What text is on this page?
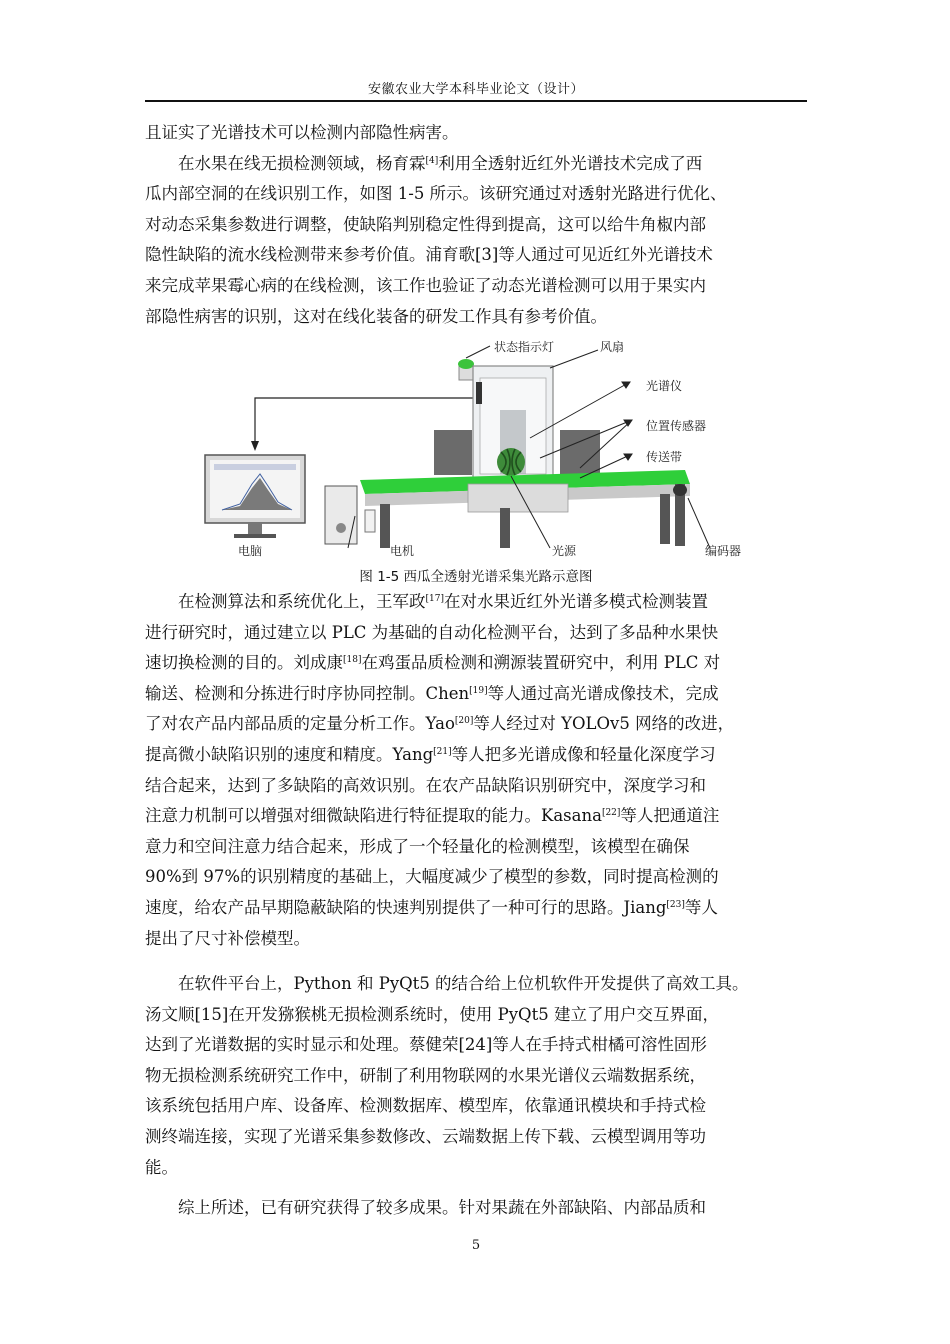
安徽农业大学本科毕业论文（设计）

且证实了光谱技术可以检测内部隐性病害。

在水果在线无损检测领域，杨育霖[4]利用全透射近红外光谱技术完成了西

瓜内部空洞的在线识别工作，如图 1-5 所示。该研究通过对透射光路进行优化、

对动态采集参数进行调整，使缺陷判别稳定性得到提高，这可以给牛角椒内部

隐性缺陷的流水线检测带来参考价值。浦育歌[3]等人通过可见近红外光谱技术

来完成苹果霉心病的在线检测，该工作也验证了动态光谱检测可以用于果实内

部隐性病害的识别，这对在线化装备的研发工作具有参考价值。

状态指示灯	风扇
光谱仪
位置传感器
传送带
电脑	电机	光源	编码器
图 1-5 西瓜全透射光谱采集光路示意图

在检测算法和系统优化上，王军政[17]在对水果近红外光谱多模式检测装置

进行研究时，通过建立以 PLC 为基础的自动化检测平台，达到了多品种水果快

速切换检测的目的。刘成康[18]在鸡蛋品质检测和溯源装置研究中，利用 PLC 对

输送、检测和分拣进行时序协同控制。Chen[19]等人通过高光谱成像技术，完成

了对农产品内部品质的定量分析工作。Yao[20]等人经过对 YOLOv5 网络的改进，

提高微小缺陷识别的速度和精度。Yang[21]等人把多光谱成像和轻量化深度学习

结合起来，达到了多缺陷的高效识别。在农产品缺陷识别研究中，深度学习和

注意力机制可以增强对细微缺陷进行特征提取的能力。Kasana[22]等人把通道注

意力和空间注意力结合起来，形成了一个轻量化的检测模型，该模型在确保

90%到 97%的识别精度的基础上，大幅度减少了模型的参数，同时提高检测的

速度，给农产品早期隐蔽缺陷的快速判别提供了一种可行的思路。Jiang[23]等人

提出了尺寸补偿模型。

在软件平台上，Python 和 PyQt5 的结合给上位机软件开发提供了高效工具。

汤文顺[15]在开发猕猴桃无损检测系统时，使用 PyQt5 建立了用户交互界面，

达到了光谱数据的实时显示和处理。蔡健荣[24]等人在手持式柑橘可溶性固形

物无损检测系统研究工作中，研制了利用物联网的水果光谱仪云端数据系统，

该系统包括用户库、设备库、检测数据库、模型库，依靠通讯模块和手持式检

测终端连接，实现了光谱采集参数修改、云端数据上传下载、云模型调用等功

能。

综上所述，已有研究获得了较多成果。针对果蔬在外部缺陷、内部品质和

5
